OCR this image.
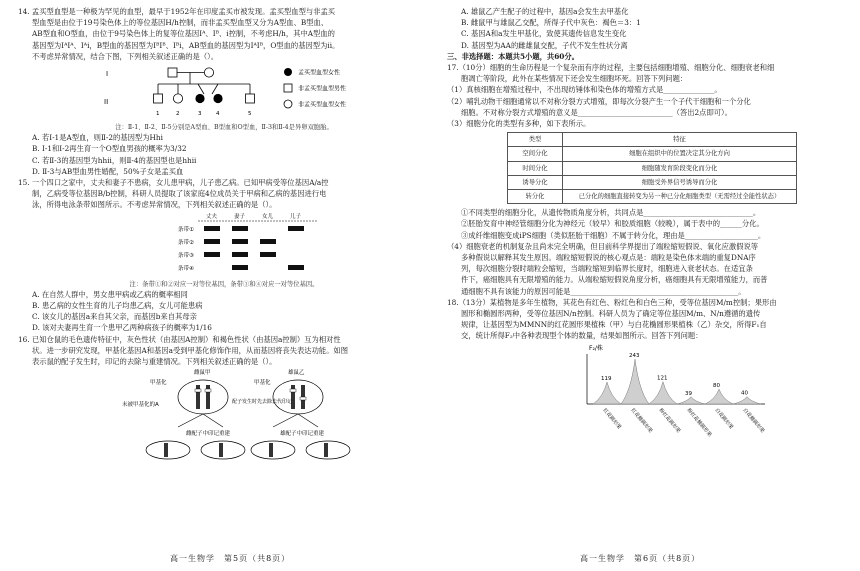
14. 孟买型血型是一种极为罕见的血型，最早于1952年在印度孟买市被发现。孟买型血型与非孟买

型血型是由位于19号染色体上的等位基因H/h控制，而非孟买型血型又分为A型血、B型血、

AB型血和O型血，由位于9号染色体上的复等位基因Iᴬ、Iᴮ、i控制，不考虑H/h，其中A型血的

基因型为IᴬIᴬ、Iᴬi，B型血的基因型为IᴮIᴮ、Iᴮi，AB型血的基因型为IᴬIᴮ，O型血的基因型为ii。

不考虑异常情况，结合下图，下列相关叙述正确的是（）。

I
II
1	2	3	4	5
孟买型血型女性
非孟买型血型男性
非孟买型血型女性

注：Ⅱ-1、Ⅱ-2、Ⅱ-5分别是A型血、B型血和O型血，Ⅱ-3和Ⅱ-4是异卵双胞胎。

A. 若Ⅰ-1是A型血，则Ⅱ-2的基因型为Hhi

B. Ⅰ-1和Ⅰ-2再生育一个O型血男孩的概率为3/32

C. 若Ⅱ-3的基因型为hhii，则Ⅱ-4的基因型也是hhii

D. Ⅱ-3与AB型血男性婚配，50%子女是孟买血

15. 一个四口之家中，丈夫和妻子不患病，女儿患甲病，儿子患乙病。已知甲病受等位基因A/a控

制，乙病受等位基因B/b控制，科研人员提取了该家庭4位成员关于甲病和乙病的基因进行电

泳，所得电泳条带如图所示。不考虑异常情况，下列相关叙述正确的是（）。

丈夫	妻子	女儿	儿子
条带①
条带②
条带③
条带④

注：条带①和②对应一对等位基因，条带③和④对应一对等位基因。

A. 在自然人群中，男女患甲病或乙病的概率相同

B. 患乙病的女性生育的儿子均患乙病，女儿可能患病

C. 该女儿的基因a来自其父亲，而基因b来自其母亲

D. 该对夫妻再生育一个患甲乙两种病孩子的概率为1/16

16. 已知仓鼠的毛色遗传特征中，灰色性状（由基因A控制）和褐色性状（由基因a控制）互为相对性

状。进一步研究发现，甲基化基因A和基因a受到甲基化修饰作用，从而基因将丧失表达功能。如图

表示鼠的配子发生时，印记的去除与重建情况。下列相关叙述正确的是（）。

雌鼠甲	雄鼠乙
甲基化
未被甲基化的A
甲基化
配子发生时先去除去代印记
雌配子中印记重建	雄配子中印记重建
高一生物学　第5页（共8页）

A. 雄鼠乙产生配子的过程中，基因a会发生去甲基化

B. 雌鼠甲与雄鼠乙交配，所得子代中灰色：褐色＝3：1

C. 基因A和a发生甲基化，致使其遗传信息发生变化

D. 基因型为AA的雌雄鼠交配，子代不发生性状分离

三、非选择题：本题共5小题，共60分。

17.（10分）细胞的生命历程是一个复杂而有序的过程，主要包括细胞增殖、细胞分化、细胞衰老和细

胞凋亡等阶段，此外在某些情况下还会发生细胞坏死。回答下列问题：

（1）真核细胞在增殖过程中，不出现纺锤体和染色体的增殖方式是______________。

（2）哺乳动物干细胞通常以不对称分裂方式增殖，即每次分裂产生一个子代干细胞和一个分化

细胞。不对称分裂方式增殖的意义是__________________________（答出2点即可）。

（3）细胞分化的类型有多种，如下表所示。

类型	特征
空间分化	细胞在组织中的位置决定其分化方向
时间分化	细胞随发育阶段变化而分化
诱导分化	细胞受外界信号诱导而分化
转分化	已分化的细胞直接转变为另一种已分化细胞类型（无需经过全能性状态）

①不同类型的细胞分化，从遗传物质角度分析，共同点是______________________________。

②胚胎发育中神经管细胞分化为神经元（较早）和胶质细胞（较晚），属于表中的______分化。

③成纤维细胞变成iPS细胞（类似胚胎干细胞）不属于转分化，理由是____________________。

（4）细胞衰老的机制复杂且尚未完全明确，但目前科学界提出了端粒缩短假说、氧化应激假说等

多种假说以解释其发生原因。端粒缩短假说的核心观点是：端粒是染色体末端的重复DNA序

列，每次细胞分裂时端粒会缩短，当端粒缩短到临界长度时，细胞进入衰老状态。在适宜条

件下，癌细胞具有无限增殖的能力。从端粒缩短假说角度分析，癌细胞具有无限增殖能力，而普

通细胞不具有该能力的原因可能是______________________________________________。

18.（13分）某植物是多年生植物，其花色有红色、粉红色和白色三种，受等位基因M/m控制；果形由

圆形和椭圆形两种，受等位基因N/n控制。科研人员为了确定等位基因M/m、N/n遵循的遗传

规律，让基因型为MMNN的红花圆形果植株（甲）与白花椭圆形果植株（乙）杂交，所得F₁自

交，统计所得F₂中各种表现型个体的数量，结果如图所示。回答下列问题：

F₂/株
119
红花圆形果
243
红花椭圆形果
121
粉红花圆形果
39
粉红花椭圆形果
80
白花圆形果
40
白花椭圆形果
高一生物学　第6页（共8页）
